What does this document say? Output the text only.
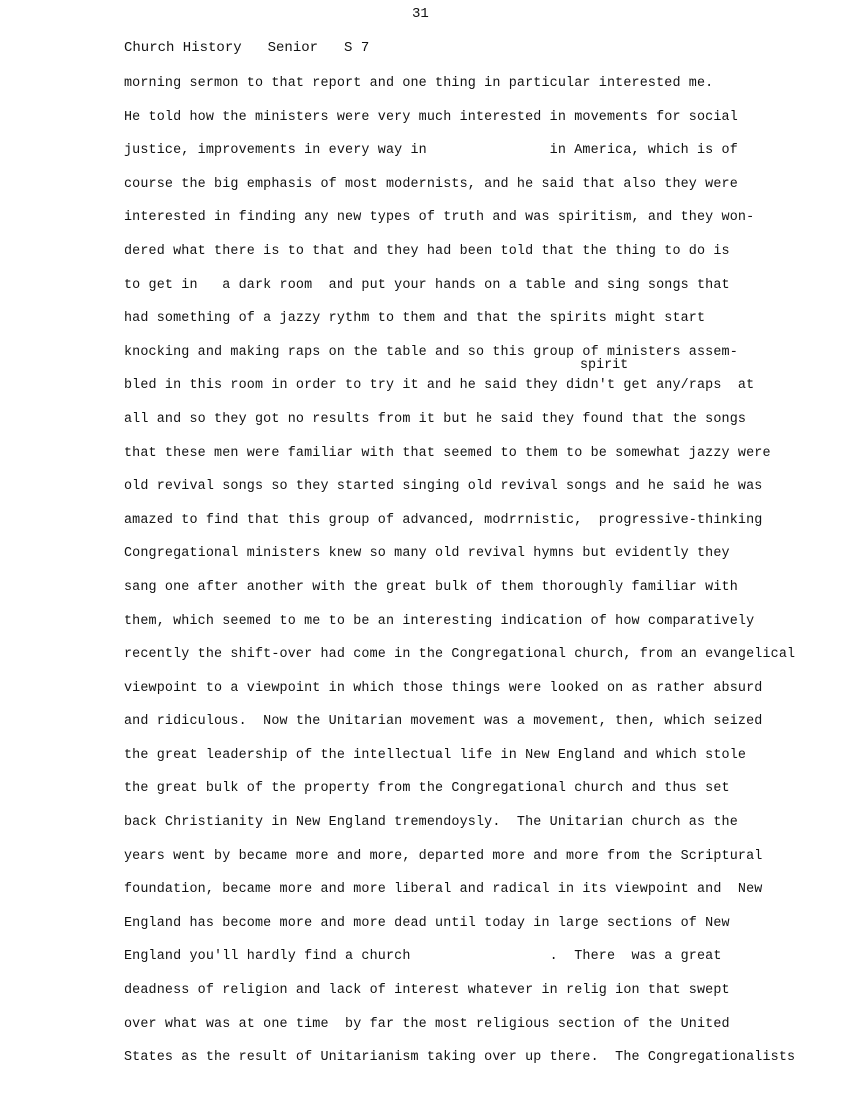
31
Church History Senior S 7
spirit
morning sermon to that report and one thing in particular interested me.
He told how the ministers were very much interested in movements for social
justice, improvements in every way in               in America, which is of
course the big emphasis of most modernists, and he said that also they were
interested in finding any new types of truth and was spiritism, and they won-
dered what there is to that and they had been told that the thing to do is
to get in   a dark room  and put your hands on a table and sing songs that
had something of a jazzy rythm to them and that the spirits might start
knocking and making raps on the table and so this group of ministers assem-
bled in this room in order to try it and he said they didn't get any/raps  at
all and so they got no results from it but he said they found that the songs
that these men were familiar with that seemed to them to be somewhat jazzy were
old revival songs so they started singing old revival songs and he said he was
amazed to find that this group of advanced, modrrnistic,  progressive-thinking
Congregational ministers knew so many old revival hymns but evidently they
sang one after another with the great bulk of them thoroughly familiar with
them, which seemed to me to be an interesting indication of how comparatively
recently the shift-over had come in the Congregational church, from an evangelical
viewpoint to a viewpoint in which those things were looked on as rather absurd
and ridiculous.  Now the Unitarian movement was a movement, then, which seized
the great leadership of the intellectual life in New England and which stole
the great bulk of the property from the Congregational church and thus set
back Christianity in New England tremendoysly.  The Unitarian church as the
years went by became more and more, departed more and more from the Scriptural
foundation, became more and more liberal and radical in its viewpoint and  New
England has become more and more dead until today in large sections of New
England you'll hardly find a church                 .  There  was a great
deadness of religion and lack of interest whatever in relig ion that swept
over what was at one time  by far the most religious section of the United
States as the result of Unitarianism taking over up there.  The Congregationalists
